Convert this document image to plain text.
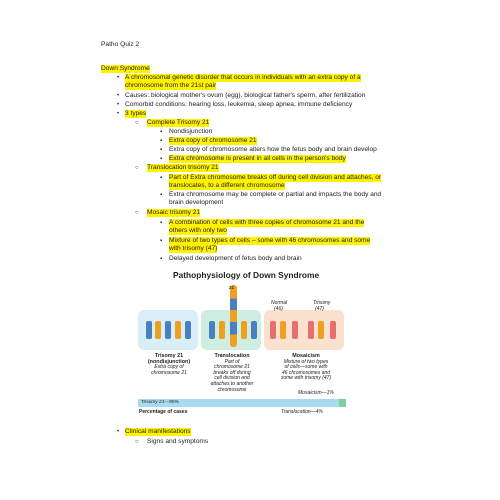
Patho Quiz 2
Down Syndrome
• A chromosomal genetic disorder that occurs in individuals with an extra copy of a
chromosome from the 21st pair
• Causes: biological mother's ovum (egg), biological father's sperm, after fertilization
• Comorbid conditions: hearing loss, leukemia, sleep apnea, immune deficiency
• 3 types
○ Complete Trisomy 21
▪ Nondisjunction
▪ Extra copy of chromosome 21
▪ Extra copy of chromosome alters how the fetus body and brain develop
▪ Extra chromosome is present in all cells in the person's body
○ Translocation trisomy 21
▪ Part of Extra chromosome breaks off during cell division and attaches, or
translocates, to a different chromosome
▪ Extra chromosome may be complete or partial and impacts the body and
brain development
○ Mosaic trisomy 21
▪ A combination of cells with three copies of chromosome 21 and the
others with only two
▪ Mixture of two types of cells – some with 46 chromosomes and some
with trisomy (47)
▪ Delayed development of fetus body and brain
Pathophysiology of Down Syndrome
21
Normal
(46)
Trisomy
(47)
Trisomy 21
(nondisjunction)
Extra copy of
chromosome 21
Translocation
Part of
chromosome 21
breaks off during
cell division and
attaches to another
chromosome
Mosaicism
Mixture of two types
of cells—some with
46 chromosomes and
some with trisomy (47)
Mosaicism—1%
Trisomy 21—95%
Translocation—4%
Percentage of cases
• Clinical manifestations
○ Signs and symptoms
